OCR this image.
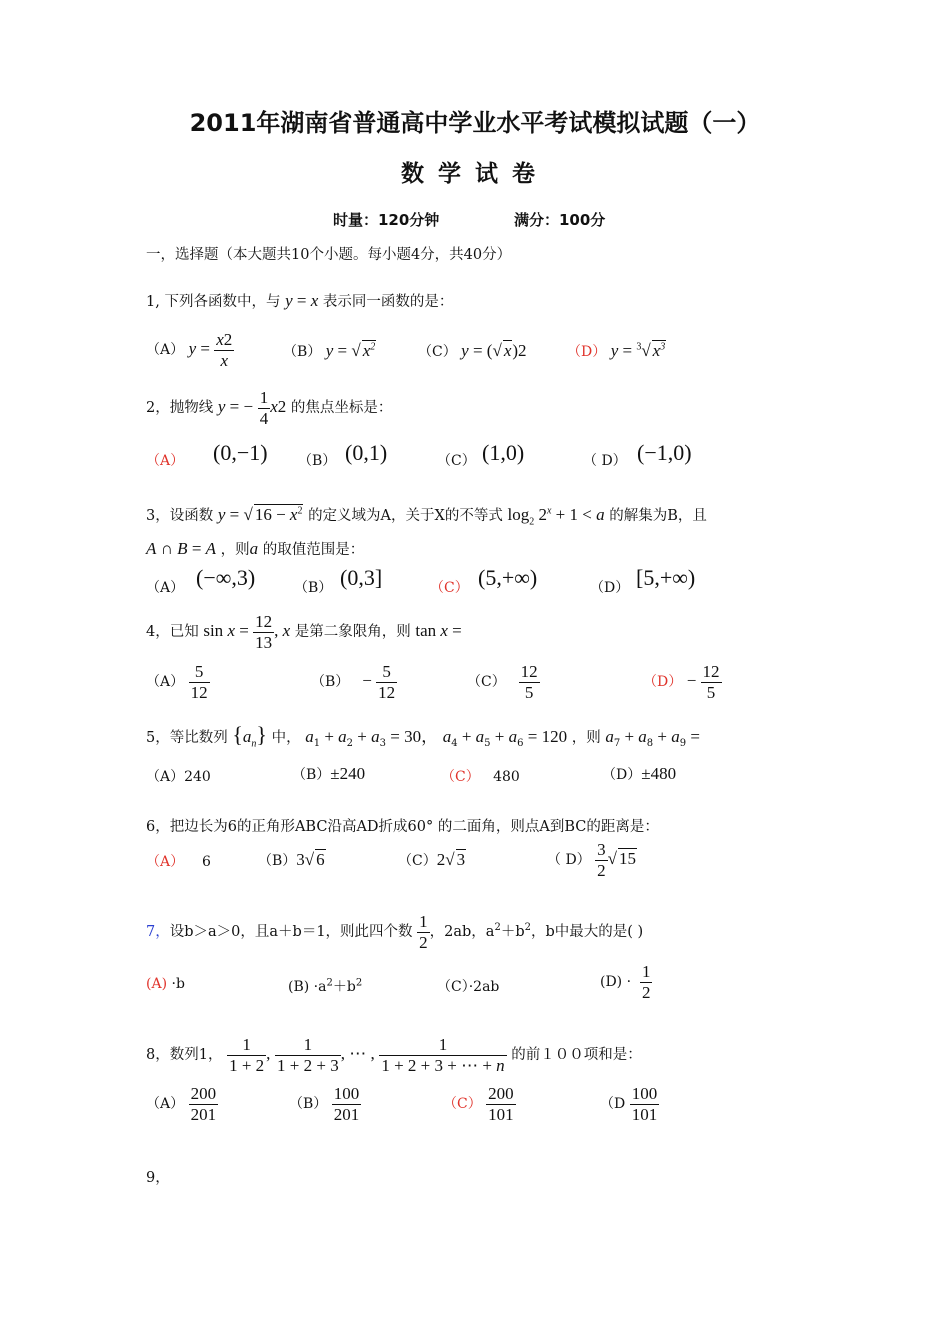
2011年湖南省普通高中学业水平考试模拟试题（一）
数学试卷
时量：120分钟	满分：100分
一，选择题（本大题共10个小题。每小题4分，共40分）
1, 下列各函数中，与 y = x 表示同一函数的是：
（A） $y = \frac{x2}{x}$	（B） y = √ $x^2$	（C） y = (√ x)2	（D） y = $^3$√ $x^3$
2，抛物线 y = − $\frac{1}{4} x2$ 的焦点坐标是：
（A） (0,−1) （B） (0,1)	（C） (1,0)	（ D） (−1,0)
3，设函数 y = √ $16 - x^2$ 的定义域为A，关于X的不等式 $\log_2 2^x + 1 < a$ 的解集为B，且
A ∩ B = A ，则a 的取值范围是：
（A） (−∞,3)	（B） (0,3]	（C） (5,+∞)	（D） [5,+∞)
4，已知 $\sin x = \frac{12}{13}$ , x 是第二象限角，则 tan x =
$(A) \frac{5}{12}$	$(B) - \frac{5}{12}$	$(C) \frac{12}{5}$	$(D) - \frac{12}{5}$
5，等比数列 $\{a_n\}$ 中， $a_1 + a_2 + a_3 = 30$， $a_4 + a_5 + a_6 = 120$ ，则 $a_7 + a_8 + a_9$ =
（A）240	（B）±240	（C） 480	（D）±480
6，把边长为6的正角形ABC沿高AD折成60° 的二面角，则点A到BC的距离是：
（A） 6	（B）3√ 6	（C）2√ 3	（ $D) \frac{3}{2}$ √ 15
7，设b＞a＞0，且a＋b＝1，则此四个数 $\frac{1}{2}$ ，2ab，$a^2+b^2$，b中最大的是( )
(A) ·b	$(B) \cdot a^2+b^2$	（C）·2ab	$(D) \cdot \frac{1}{2}$
8，数列1， $\frac{1}{1 + 2}$ , $\frac{1}{1 + 2 + 3}$ , ⋯ , $\frac{1}{1 + 2 + 3 + \cdots + n}$ 的前１００项和是：
$(A) \frac{200}{201}$	$(B) \frac{100}{201}$	$(C) \frac{200}{101}$	（$D \frac{100}{101}$
9，
